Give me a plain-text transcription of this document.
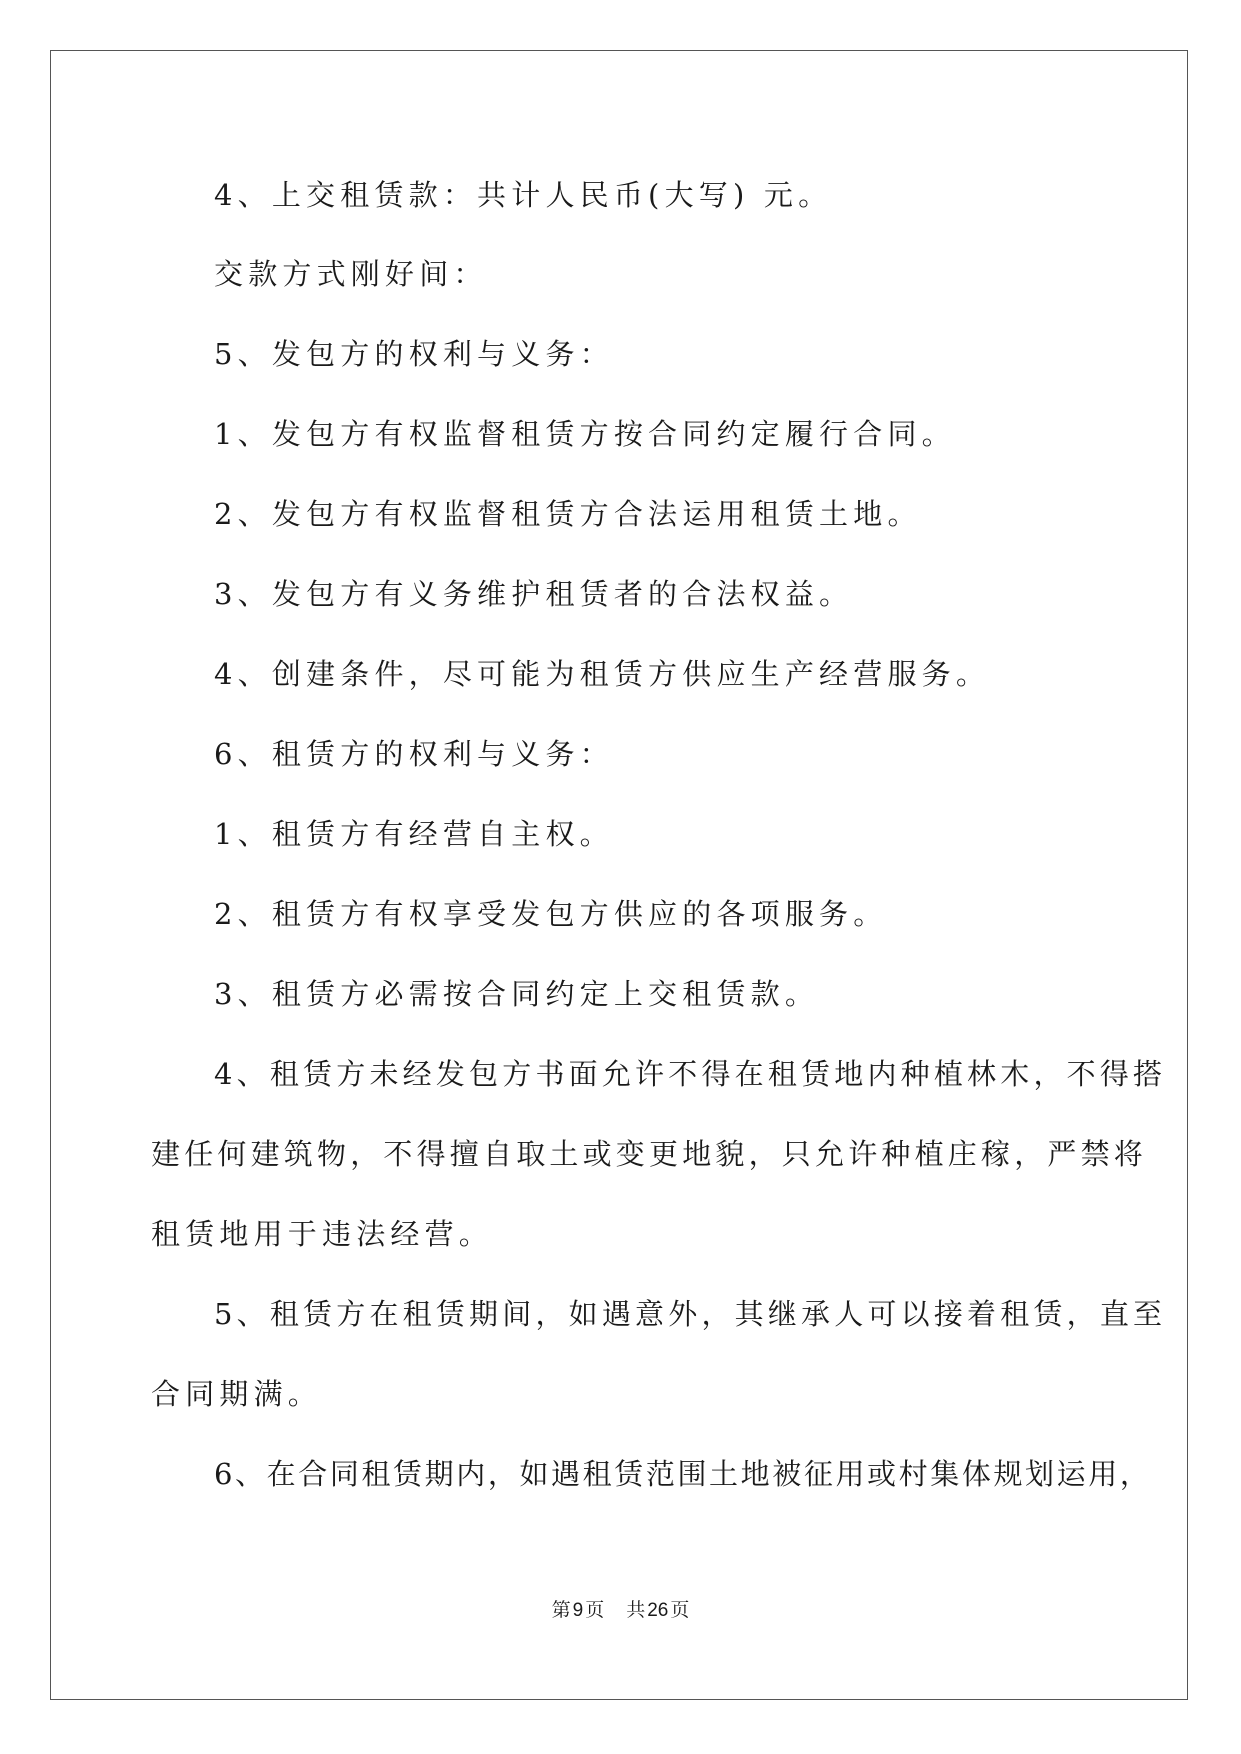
4、上交租赁款：共计人民币(大写) 元。
交款方式刚好间：
5、发包方的权利与义务：
1、发包方有权监督租赁方按合同约定履行合同。
2、发包方有权监督租赁方合法运用租赁土地。
3、发包方有义务维护租赁者的合法权益。
4、创建条件，尽可能为租赁方供应生产经营服务。
6、租赁方的权利与义务：
1、租赁方有经营自主权。
2、租赁方有权享受发包方供应的各项服务。
3、租赁方必需按合同约定上交租赁款。
4、租赁方未经发包方书面允许不得在租赁地内种植林木，不得搭
建任何建筑物，不得擅自取土或变更地貌，只允许种植庄稼，严禁将
租赁地用于违法经营。
5、租赁方在租赁期间，如遇意外，其继承人可以接着租赁，直至
合同期满。
6、在合同租赁期内，如遇租赁范围土地被征用或村集体规划运用，
第 9 页 共 26 页
